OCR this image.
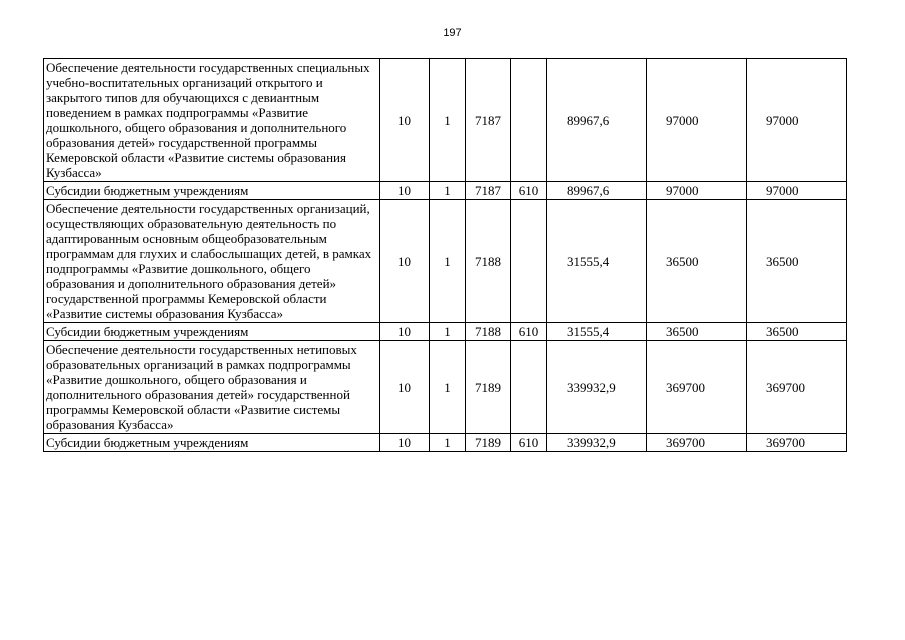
197
Обеспечение деятельности государственных специальных учебно-воспитательных организаций открытого и закрытого типов для обучающихся с девиантным поведением в рамках подпрограммы «Развитие дошкольного, общего образования и дополнительного образования детей» государственной программы Кемеровской области «Развитие системы образования Кузбасса»	10	1	7187		89967,6	97000	97000
Субсидии бюджетным учреждениям	10	1	7187	610	89967,6	97000	97000
Обеспечение деятельности государственных организаций, осуществляющих образовательную деятельность по адаптированным основным общеобразовательным программам для глухих и слабослышащих детей, в рамках подпрограммы «Развитие дошкольного, общего образования и дополнительного образования детей» государственной программы Кемеровской области «Развитие системы образования Кузбасса»	10	1	7188		31555,4	36500	36500
Субсидии бюджетным учреждениям	10	1	7188	610	31555,4	36500	36500
Обеспечение деятельности государственных нетиповых образовательных организаций в рамках подпрограммы «Развитие дошкольного, общего образования и дополнительного образования детей» государственной программы Кемеровской области «Развитие системы образования Кузбасса»	10	1	7189		339932,9	369700	369700
Субсидии бюджетным учреждениям	10	1	7189	610	339932,9	369700	369700
